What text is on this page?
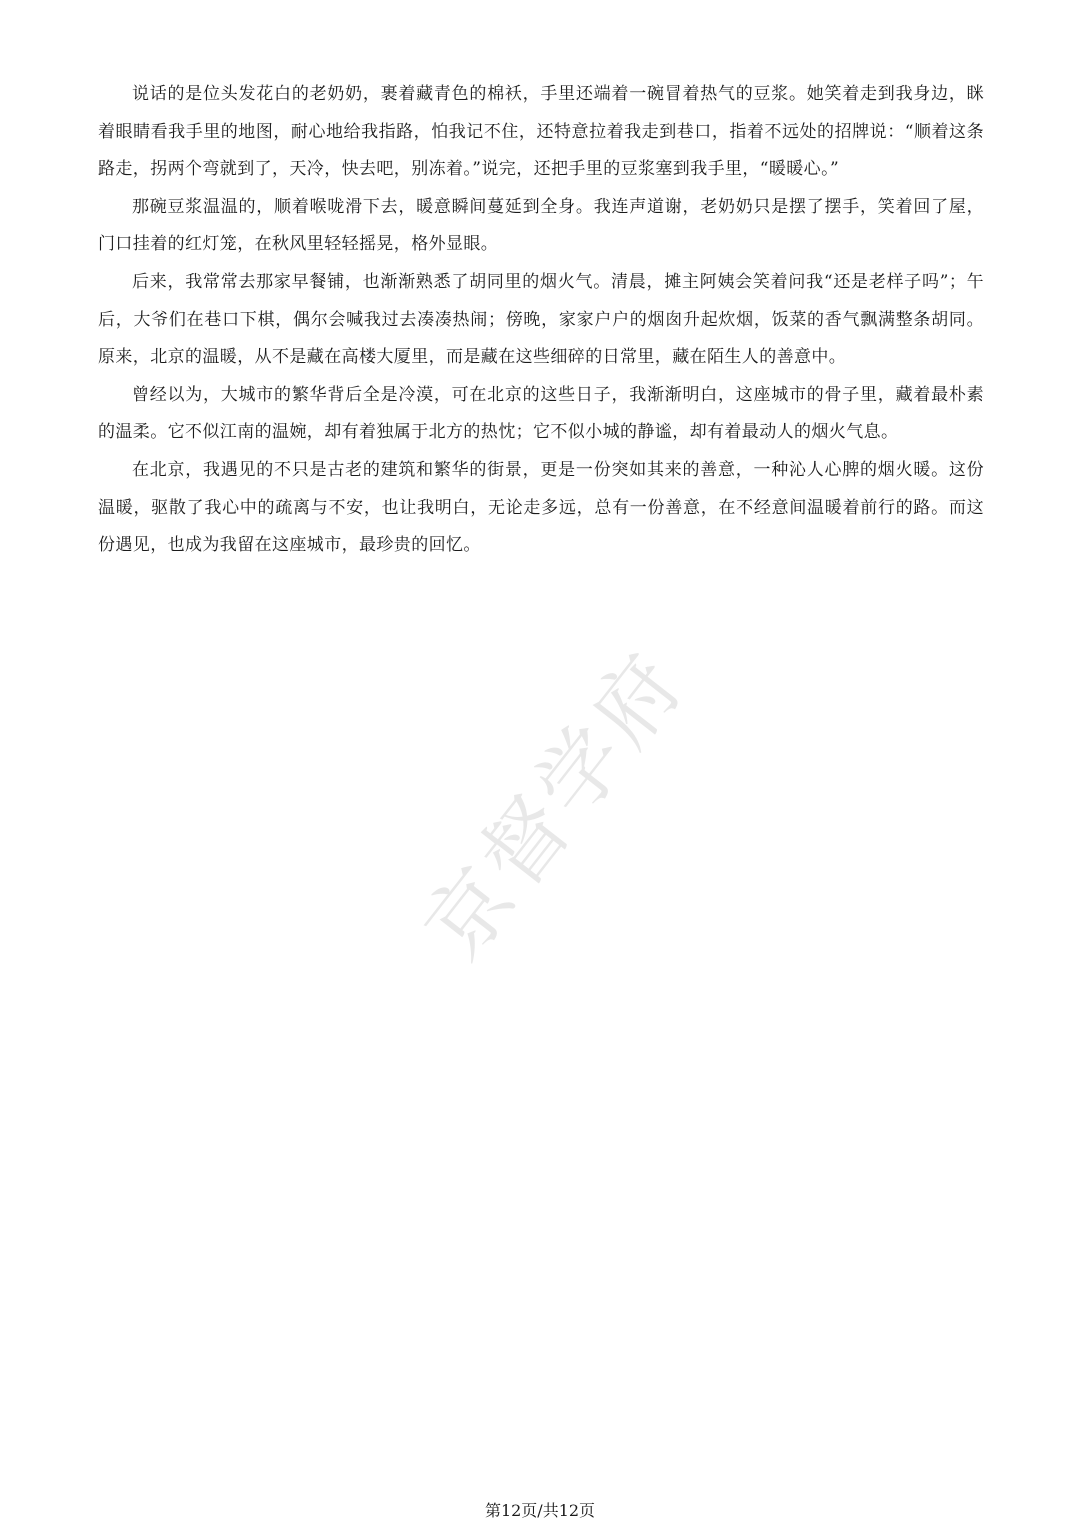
说话的是位头发花白的老奶奶，裹着藏青色的棉袄，手里还端着一碗冒着热气的豆浆。她笑着走到我身边，眯着眼睛看我手里的地图，耐心地给我指路，怕我记不住，还特意拉着我走到巷口，指着不远处的招牌说：“顺着这条路走，拐两个弯就到了，天冷，快去吧，别冻着。”说完，还把手里的豆浆塞到我手里，“暖暖心。”

那碗豆浆温温的，顺着喉咙滑下去，暖意瞬间蔓延到全身。我连声道谢，老奶奶只是摆了摆手，笑着回了屋，门口挂着的红灯笼，在秋风里轻轻摇晃，格外显眼。

后来，我常常去那家早餐铺，也渐渐熟悉了胡同里的烟火气。清晨，摊主阿姨会笑着问我“还是老样子吗”；午后，大爷们在巷口下棋，偶尔会喊我过去凑凑热闹；傍晚，家家户户的烟囱升起炊烟，饭菜的香气飘满整条胡同。原来，北京的温暖，从不是藏在高楼大厦里，而是藏在这些细碎的日常里，藏在陌生人的善意中。

曾经以为，大城市的繁华背后全是冷漠，可在北京的这些日子，我渐渐明白，这座城市的骨子里，藏着最朴素的温柔。它不似江南的温婉，却有着独属于北方的热忱；它不似小城的静谧，却有着最动人的烟火气息。

在北京，我遇见的不只是古老的建筑和繁华的街景，更是一份突如其来的善意，一种沁人心脾的烟火暖。这份温暖，驱散了我心中的疏离与不安，也让我明白，无论走多远，总有一份善意，在不经意间温暖着前行的路。而这份遇见，也成为我留在这座城市，最珍贵的回忆。

京督学府
第12页/共12页
